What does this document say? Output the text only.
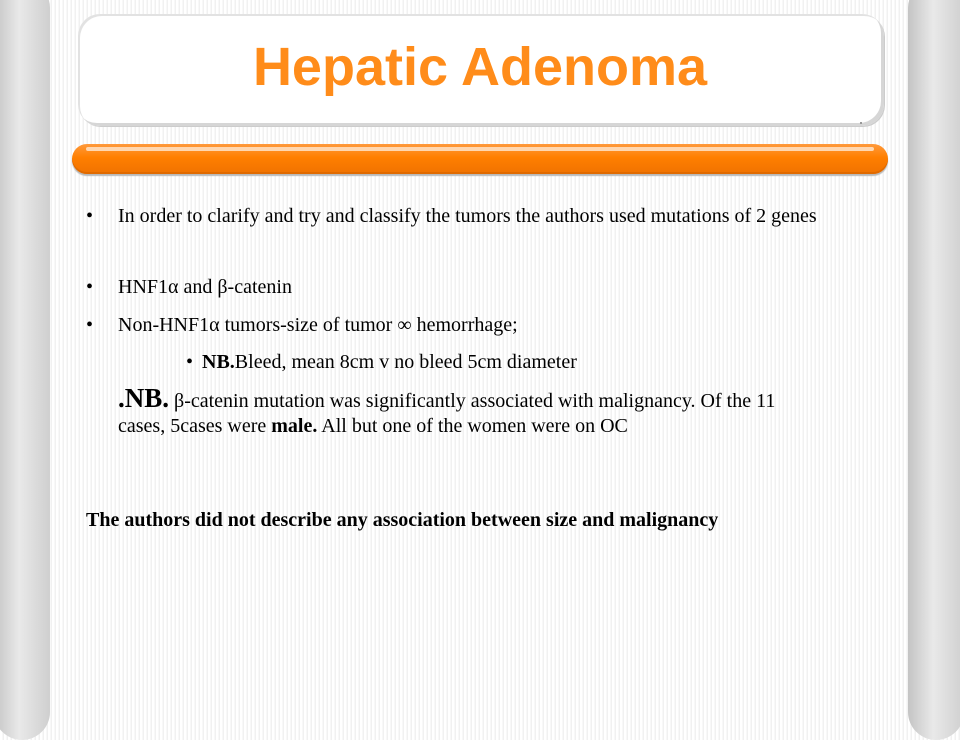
Hepatic Adenoma
•	In order to clarify and try and classify the tumors the authors used mutations of 2 genes
•	HNF1α and β-catenin
•	Non-HNF1α tumors-size of tumor ∞ hemorrhage;
• NB.Bleed, mean 8cm v no bleed 5cm diameter
.NB. β-catenin mutation was significantly associated with malignancy. Of the 11 cases, 5cases were male. All but one of the women were on OC
The authors did not describe any association between size and malignancy
